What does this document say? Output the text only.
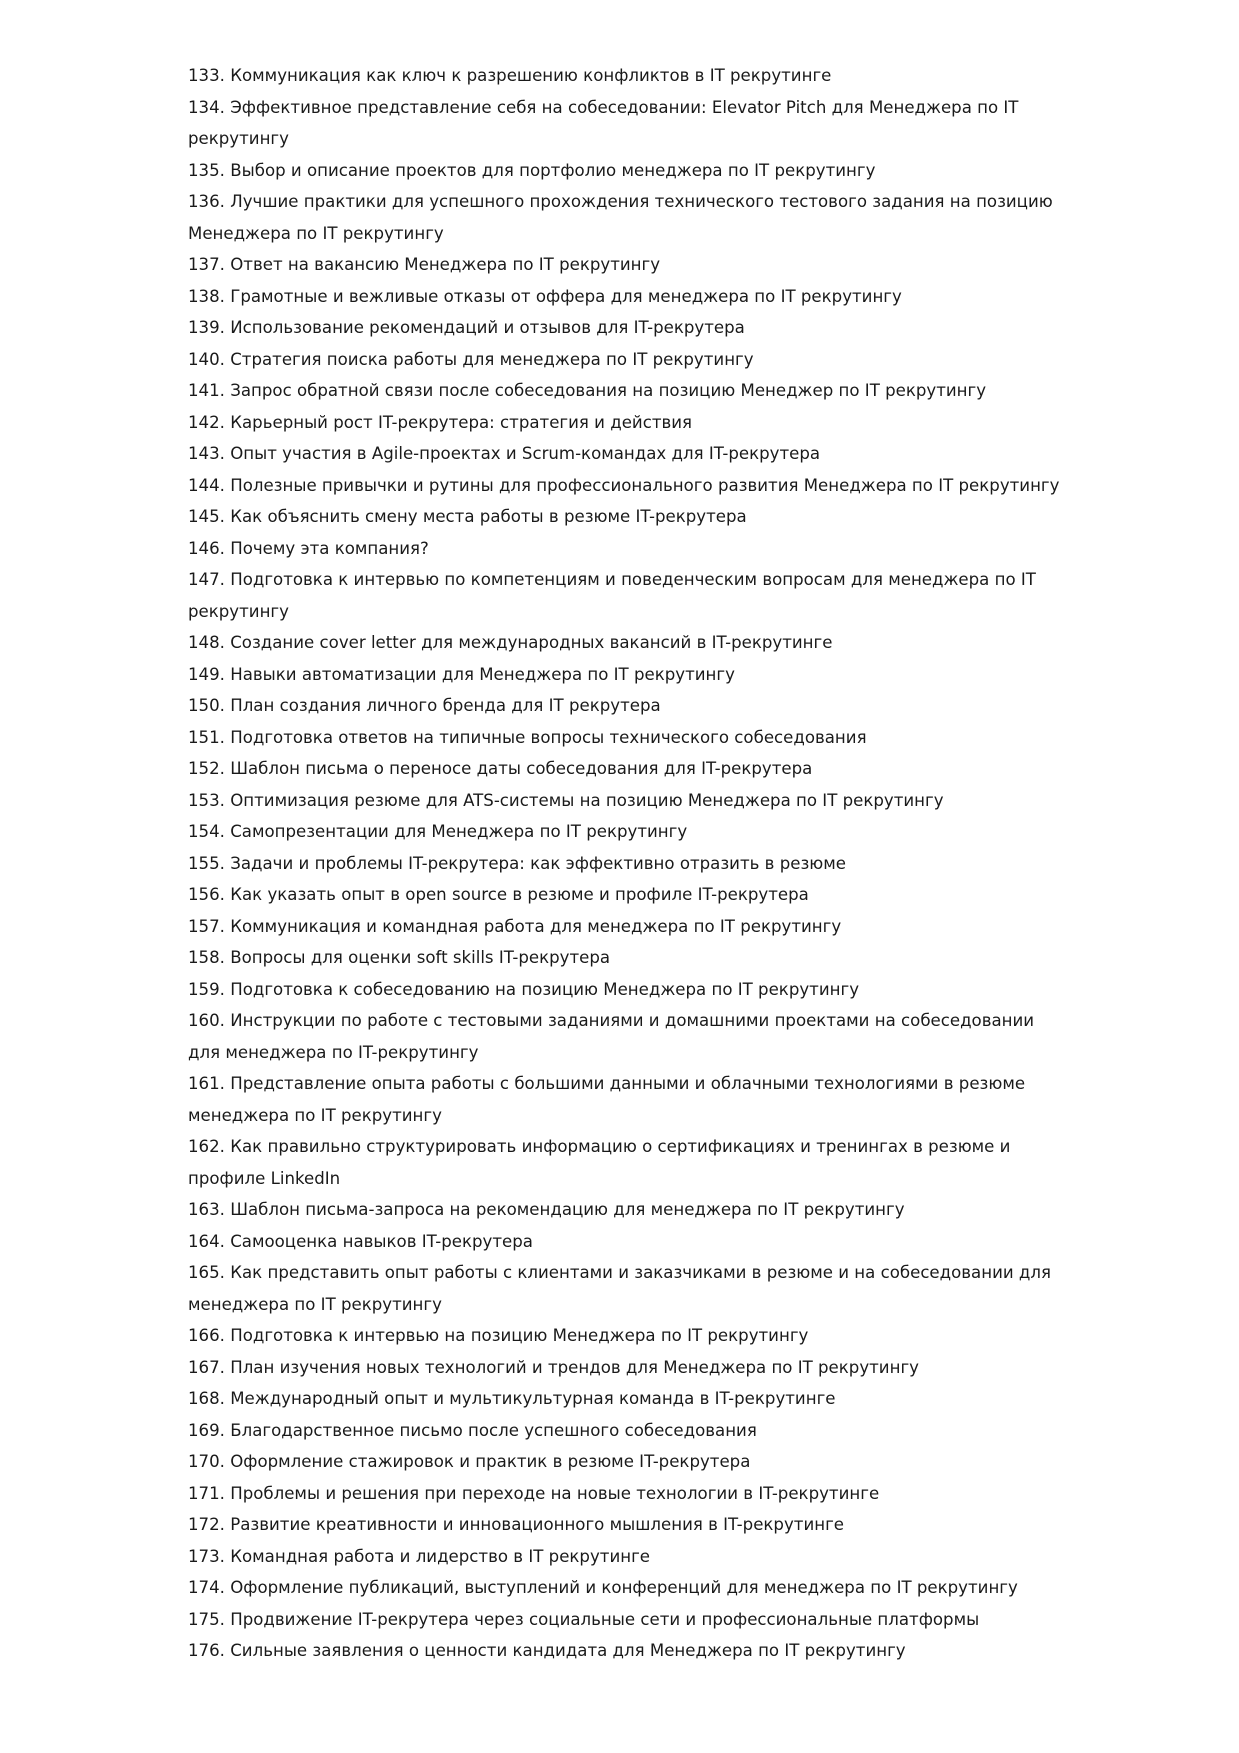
133. Коммуникация как ключ к разрешению конфликтов в IT рекрутинге

134. Эффективное представление себя на собеседовании: Elevator Pitch для Менеджера по IT рекрутингу

135. Выбор и описание проектов для портфолио менеджера по IT рекрутингу

136. Лучшие практики для успешного прохождения технического тестового задания на позицию Менеджера по IT рекрутингу

137. Ответ на вакансию Менеджера по IT рекрутингу

138. Грамотные и вежливые отказы от оффера для менеджера по IT рекрутингу

139. Использование рекомендаций и отзывов для IT-рекрутера

140. Стратегия поиска работы для менеджера по IT рекрутингу

141. Запрос обратной связи после собеседования на позицию Менеджер по IT рекрутингу

142. Карьерный рост IT-рекрутера: стратегия и действия

143. Опыт участия в Agile-проектах и Scrum-командах для IT-рекрутера

144. Полезные привычки и рутины для профессионального развития Менеджера по IT рекрутингу

145. Как объяснить смену места работы в резюме IT-рекрутера

146. Почему эта компания?

147. Подготовка к интервью по компетенциям и поведенческим вопросам для менеджера по IT рекрутингу

148. Создание cover letter для международных вакансий в IT-рекрутинге

149. Навыки автоматизации для Менеджера по IT рекрутингу

150. План создания личного бренда для IT рекрутера

151. Подготовка ответов на типичные вопросы технического собеседования

152. Шаблон письма о переносе даты собеседования для IT-рекрутера

153. Оптимизация резюме для ATS-системы на позицию Менеджера по IT рекрутингу

154. Самопрезентации для Менеджера по IT рекрутингу

155. Задачи и проблемы IT-рекрутера: как эффективно отразить в резюме

156. Как указать опыт в open source в резюме и профиле IT-рекрутера

157. Коммуникация и командная работа для менеджера по IT рекрутингу

158. Вопросы для оценки soft skills IT-рекрутера

159. Подготовка к собеседованию на позицию Менеджера по IT рекрутингу

160. Инструкции по работе с тестовыми заданиями и домашними проектами на собеседовании для менеджера по IT-рекрутингу

161. Представление опыта работы с большими данными и облачными технологиями в резюме менеджера по IT рекрутингу

162. Как правильно структурировать информацию о сертификациях и тренингах в резюме и профиле LinkedIn

163. Шаблон письма-запроса на рекомендацию для менеджера по IT рекрутингу

164. Самооценка навыков IT-рекрутера

165. Как представить опыт работы с клиентами и заказчиками в резюме и на собеседовании для менеджера по IT рекрутингу

166. Подготовка к интервью на позицию Менеджера по IT рекрутингу

167. План изучения новых технологий и трендов для Менеджера по IT рекрутингу

168. Международный опыт и мультикультурная команда в IT-рекрутинге

169. Благодарственное письмо после успешного собеседования

170. Оформление стажировок и практик в резюме IT-рекрутера

171. Проблемы и решения при переходе на новые технологии в IT-рекрутинге

172. Развитие креативности и инновационного мышления в IT-рекрутинге

173. Командная работа и лидерство в IT рекрутинге

174. Оформление публикаций, выступлений и конференций для менеджера по IT рекрутингу

175. Продвижение IT-рекрутера через социальные сети и профессиональные платформы

176. Сильные заявления о ценности кандидата для Менеджера по IT рекрутингу
